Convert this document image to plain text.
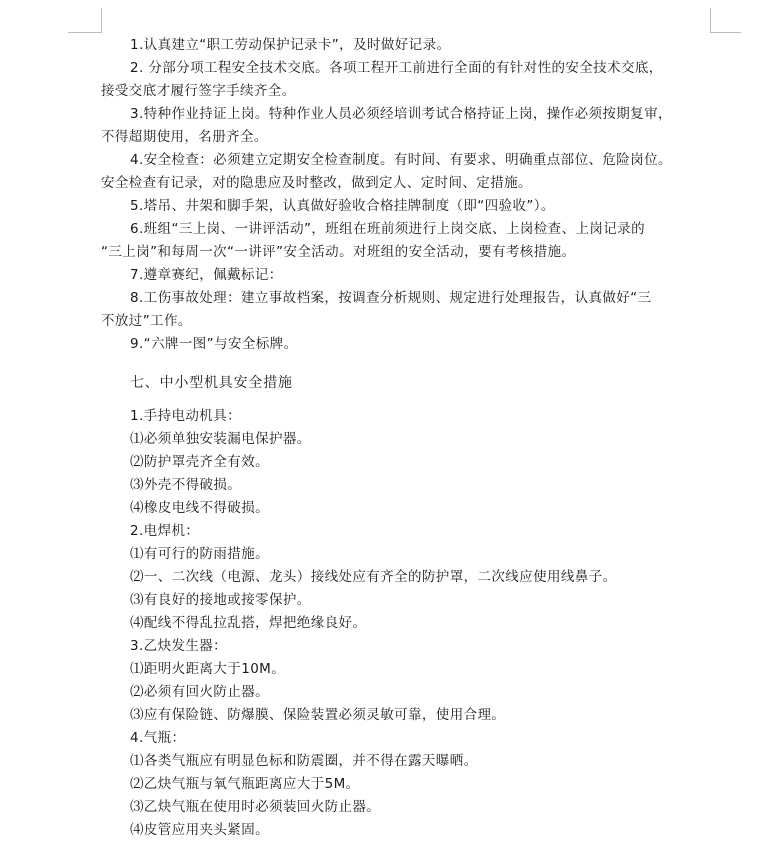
1.认真建立“职工劳动保护记录卡”，及时做好记录。
2. 分部分项工程安全技术交底。各项工程开工前进行全面的有针对性的安全技术交底，
接受交底才履行签字手续齐全。
3.特种作业持证上岗。特种作业人员必须经培训考试合格持证上岗，操作必须按期复审，
不得超期使用，名册齐全。
4.安全检查：必须建立定期安全检查制度。有时间、有要求、明确重点部位、危险岗位。
安全检查有记录，对的隐患应及时整改，做到定人、定时间、定措施。
5.塔吊、井架和脚手架，认真做好验收合格挂牌制度（即“四验收”）。
6.班组“三上岗、一讲评活动”，班组在班前须进行上岗交底、上岗检查、上岗记录的
“三上岗”和每周一次“一讲评”安全活动。对班组的安全活动，要有考核措施。
7.遵章赛纪，佩戴标记：
8.工伤事故处理：建立事故档案，按调查分析规则、规定进行处理报告，认真做好“三
不放过”工作。
9.“六牌一图”与安全标牌。
七、中小型机具安全措施
1.手持电动机具：
⑴必须单独安装漏电保护器。
⑵防护罩壳齐全有效。
⑶外壳不得破损。
⑷橡皮电线不得破损。
2.电焊机：
⑴有可行的防雨措施。
⑵一、二次线（电源、龙头）接线处应有齐全的防护罩，二次线应使用线鼻子。
⑶有良好的接地或接零保护。
⑷配线不得乱拉乱搭，焊把绝缘良好。
3.乙炔发生器：
⑴距明火距离大于10M。
⑵必须有回火防止器。
⑶应有保险链、防爆膜、保险装置必须灵敏可靠，使用合理。
4.气瓶：
⑴各类气瓶应有明显色标和防震圈，并不得在露天曝晒。
⑵乙炔气瓶与氧气瓶距离应大于5M。
⑶乙炔气瓶在使用时必须装回火防止器。
⑷皮管应用夹头紧固。
